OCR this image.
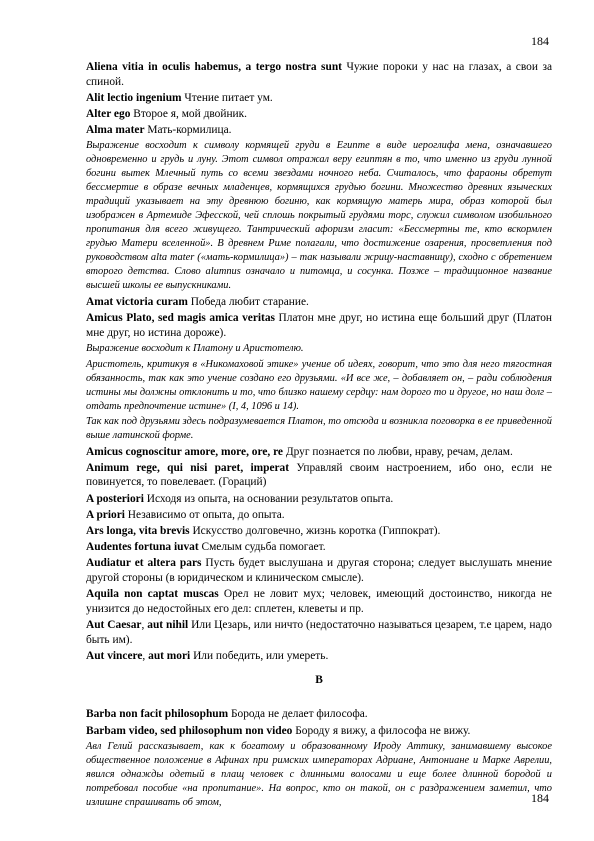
184

Aliena vitia in oculis habemus, a tergo nostra sunt Чужие пороки у нас на глазах, а свои за спиной.

Alit lectio ingenium Чтение питает ум.

Alter ego Второе я, мой двойник.

Alma mater Мать-кормилица.

Выражение восходит к символу кормящей груди в Египте в виде иероглифа мена, означавшего одновременно и грудь и луну. Этот символ отражал веру египтян в то, что именно из груди лунной богини вытек Млечный путь со всеми звездами ночного неба. Считалось, что фараоны обретут бессмертие в образе вечных младенцев, кормящихся грудью богини. Множество древних языческих традиций указывает на эту древнюю богиню, как кормящую матерь мира, образ которой был изображен в Артемиде Эфесской, чей сплошь покрытый грудями торс, служил символом изобильного пропитания для всего живущего. Тантрический афоризм гласит: «Бессмертны те, кто вскормлен грудью Матери вселенной». В древнем Риме полагали, что достижение озарения, просветления под руководством alta mater («мать-кормилица») – так называли жрицу-наставницу), сходно с обретением второго детства. Слово alumnus означало и питомца, и сосунка. Позже – традиционное название высшей школы ее выпускниками.

Amat victoria curam Победа любит старание.

Amicus Plato, sed magis amica veritas Платон мне друг, но истина еще больший друг (Платон мне друг, но истина дороже).

Выражение восходит к Платону и Аристотелю.

Аристотель, критикуя в «Никомаховой этике» учение об идеях, говорит, что это для него тягостная обязанность, так как это учение создано его друзьями. «И все же, – добавляет он, – ради соблюдения истины мы должны отклонить и то, что близко нашему сердцу: нам дорого то и другое, но наш долг – отдать предпочтение истине» (I, 4, 1096 и 14).

Так как под друзьями здесь подразумевается Платон, то отсюда и возникла поговорка в ее приведенной выше латинской форме.

Amicus cognoscitur amore, more, ore, re Друг познается по любви, нраву, речам, делам.

Animum rege, qui nisi paret, imperat Управляй своим настроением, ибо оно, если не повинуется, то повелевает. (Гораций)

A posteriori Исходя из опыта, на основании результатов опыта.

A priori Независимо от опыта, до опыта.

Ars longa, vita brevis Искусство долговечно, жизнь коротка (Гиппократ).

Audentes fortuna iuvat Смелым судьба помогает.

Audiatur et altera pars Пусть будет выслушана и другая сторона; следует выслушать мнение другой стороны (в юридическом и клиническом смысле).

Aquila non captat muscas Орел не ловит мух; человек, имеющий достоинство, никогда не унизится до недостойных его дел: сплетен, клеветы и пр.

Aut Caesar, aut nihil Или Цезарь, или ничто (недостаточно называться цезарем, т.е царем, надо быть им).

Aut vincere, aut mori Или победить, или умереть.

B

Barba non facit philosophum Борода не делает философа.

Barbam video, sed philosophum non video Бороду я вижу, а философа не вижу.

Авл Гелий рассказывает, как к богатому и образованному Ироду Аттику, занимавшему высокое общественное положение в Афинах при римских императорах Адриане, Антониане и Марке Аврелии, явился однажды одетый в плащ человек с длинными волосами и еще более длинной бородой и потребовал пособие «на пропитание». На вопрос, кто он такой, он с раздражением заметил, что излишне спрашивать об этом,	184
